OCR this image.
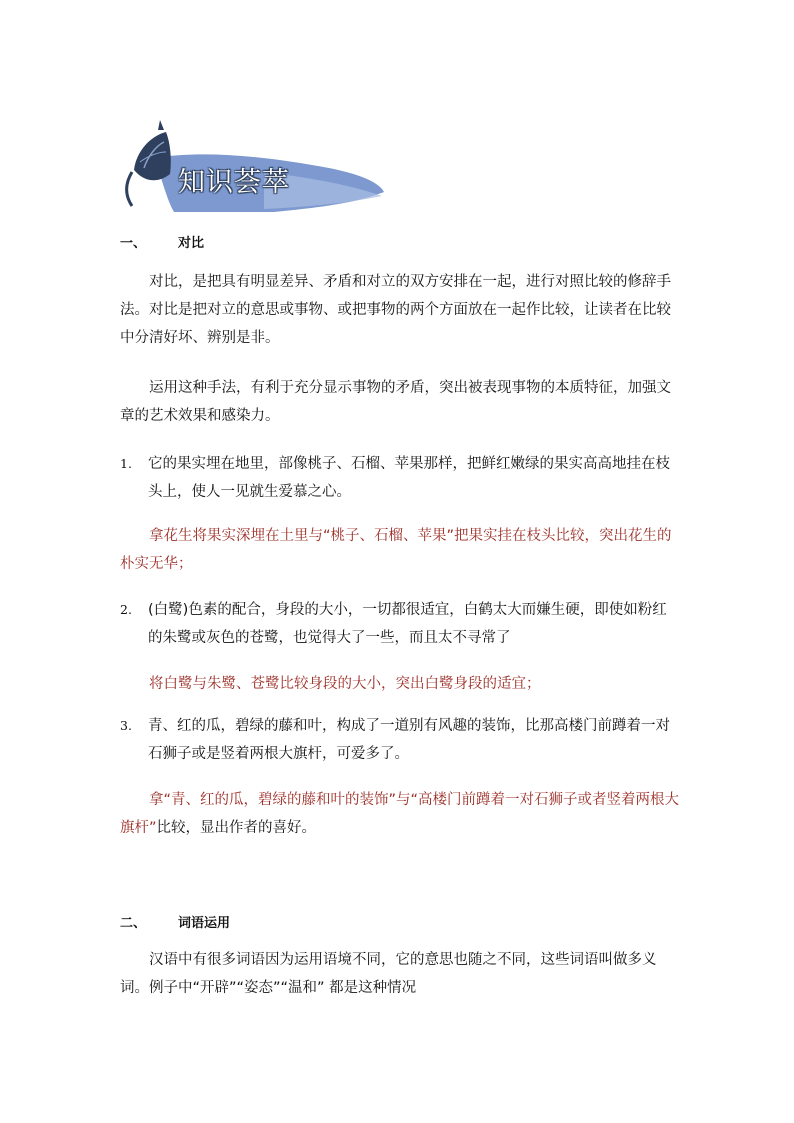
知识荟萃
一、 对比

对比，是把具有明显差异、矛盾和对立的双方安排在一起，进行对照比较的修辞手法。对比是把对立的意思或事物、或把事物的两个方面放在一起作比较，让读者在比较中分清好坏、辨别是非。

运用这种手法，有利于充分显示事物的矛盾，突出被表现事物的本质特征，加强文章的艺术效果和感染力。

1. 它的果实埋在地里，部像桃子、石榴、苹果那样，把鲜红嫩绿的果实高高地挂在枝头上，使人一见就生爱慕之心。

拿花生将果实深埋在土里与“桃子、石榴、苹果”把果实挂在枝头比较，突出花生的朴实无华；

2. (白鹭)色素的配合，身段的大小，一切都很适宜，白鹤太大而嫌生硬，即使如粉红的朱鹭或灰色的苍鹭，也觉得大了一些，而且太不寻常了

将白鹭与朱鹭、苍鹭比较身段的大小，突出白鹭身段的适宜；

3. 青、红的瓜，碧绿的藤和叶，构成了一道别有风趣的装饰，比那高楼门前蹲着一对石狮子或是竖着两根大旗杆，可爱多了。

拿“青、红的瓜，碧绿的藤和叶的装饰”与“高楼门前蹲着一对石狮子或者竖着两根大旗杆”比较，显出作者的喜好。

二、 词语运用

汉语中有很多词语因为运用语境不同，它的意思也随之不同，这些词语叫做多义词。例子中“开辟”“姿态”“温和” 都是这种情况
